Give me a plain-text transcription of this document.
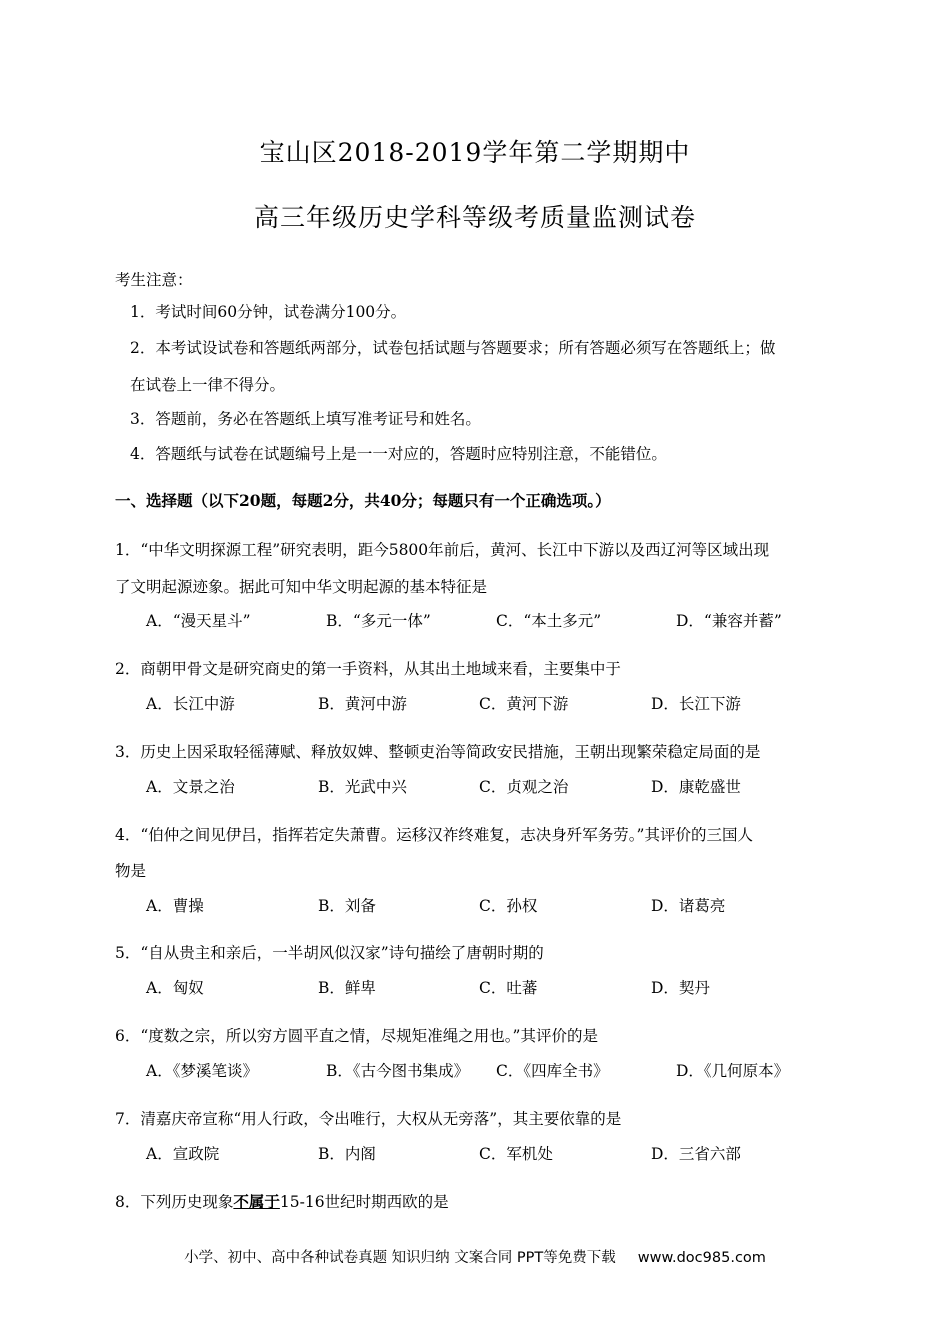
宝山区2018-2019学年第二学期期中
高三年级历史学科等级考质量监测试卷
考生注意：
1．考试时间60分钟，试卷满分100分。
2．本考试设试卷和答题纸两部分，试卷包括试题与答题要求；所有答题必须写在答题纸上；做
在试卷上一律不得分。
3．答题前，务必在答题纸上填写准考证号和姓名。
4．答题纸与试卷在试题编号上是一一对应的，答题时应特别注意，不能错位。
一、选择题（以下20题，每题2分，共40分；每题只有一个正确选项。）
1．“中华文明探源工程”研究表明，距今5800年前后，黄河、长江中下游以及西辽河等区域出现
了文明起源迹象。据此可知中华文明起源的基本特征是
A．“漫天星斗”	B．“多元一体”	C．“本土多元”	D．“兼容并蓄”
2．商朝甲骨文是研究商史的第一手资料，从其出土地域来看，主要集中于
A．长江中游	B．黄河中游	C．黄河下游	D．长江下游
3．历史上因采取轻徭薄赋、释放奴婢、整顿吏治等简政安民措施，王朝出现繁荣稳定局面的是
A．文景之治	B．光武中兴	C．贞观之治	D．康乾盛世
4．“伯仲之间见伊吕，指挥若定失萧曹。运移汉祚终难复，志决身歼军务劳。”其评价的三国人
物是
A．曹操	B．刘备	C．孙权	D．诸葛亮
5．“自从贵主和亲后，一半胡风似汉家”诗句描绘了唐朝时期的
A．匈奴	B．鲜卑	C．吐蕃	D．契丹
6．“度数之宗，所以穷方圆平直之情，尽规矩准绳之用也。”其评价的是
A．《梦溪笔谈》	B．《古今图书集成》 C．《四库全书》	D．《几何原本》
7．清嘉庆帝宣称“用人行政，令出唯行，大权从无旁落”，其主要依靠的是
A．宣政院	B．内阁	C．军机处	D．三省六部
8．下列历史现象不属于15-16世纪时期西欧的是
小学、初中、高中各种试卷真题 知识归纳 文案合同 PPT等免费下载 www.doc985.com
